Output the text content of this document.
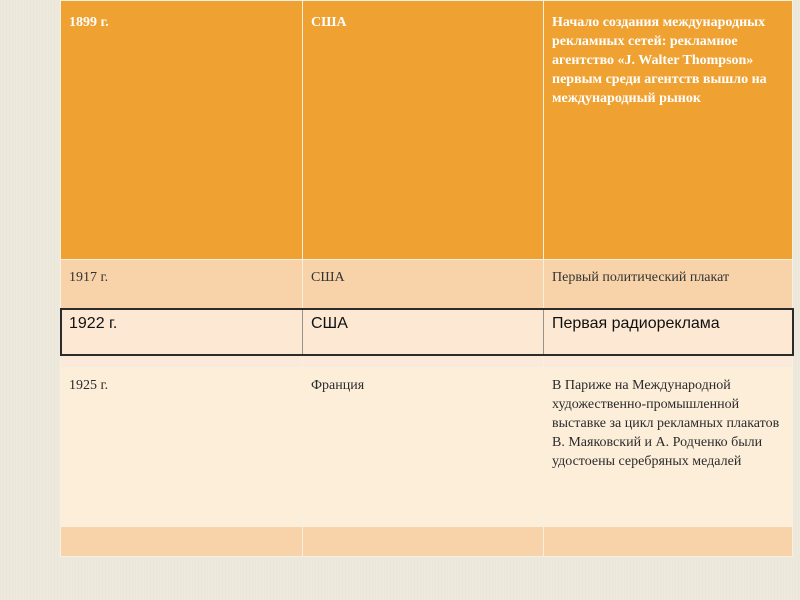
1899 г.	США	Начало создания международных рекламных сетей: рекламное агентство «J. Walter Thompson» первым среди агентств вышло на международный рынок

1917 г.	США	Первый политический плакат

1922 г.	США	Первая радиореклама

1925 г.	Франция	В Париже на Международной художественно-промышленной выставке за цикл рекламных плакатов В. Маяковский и А. Родченко были удостоены серебряных медалей
